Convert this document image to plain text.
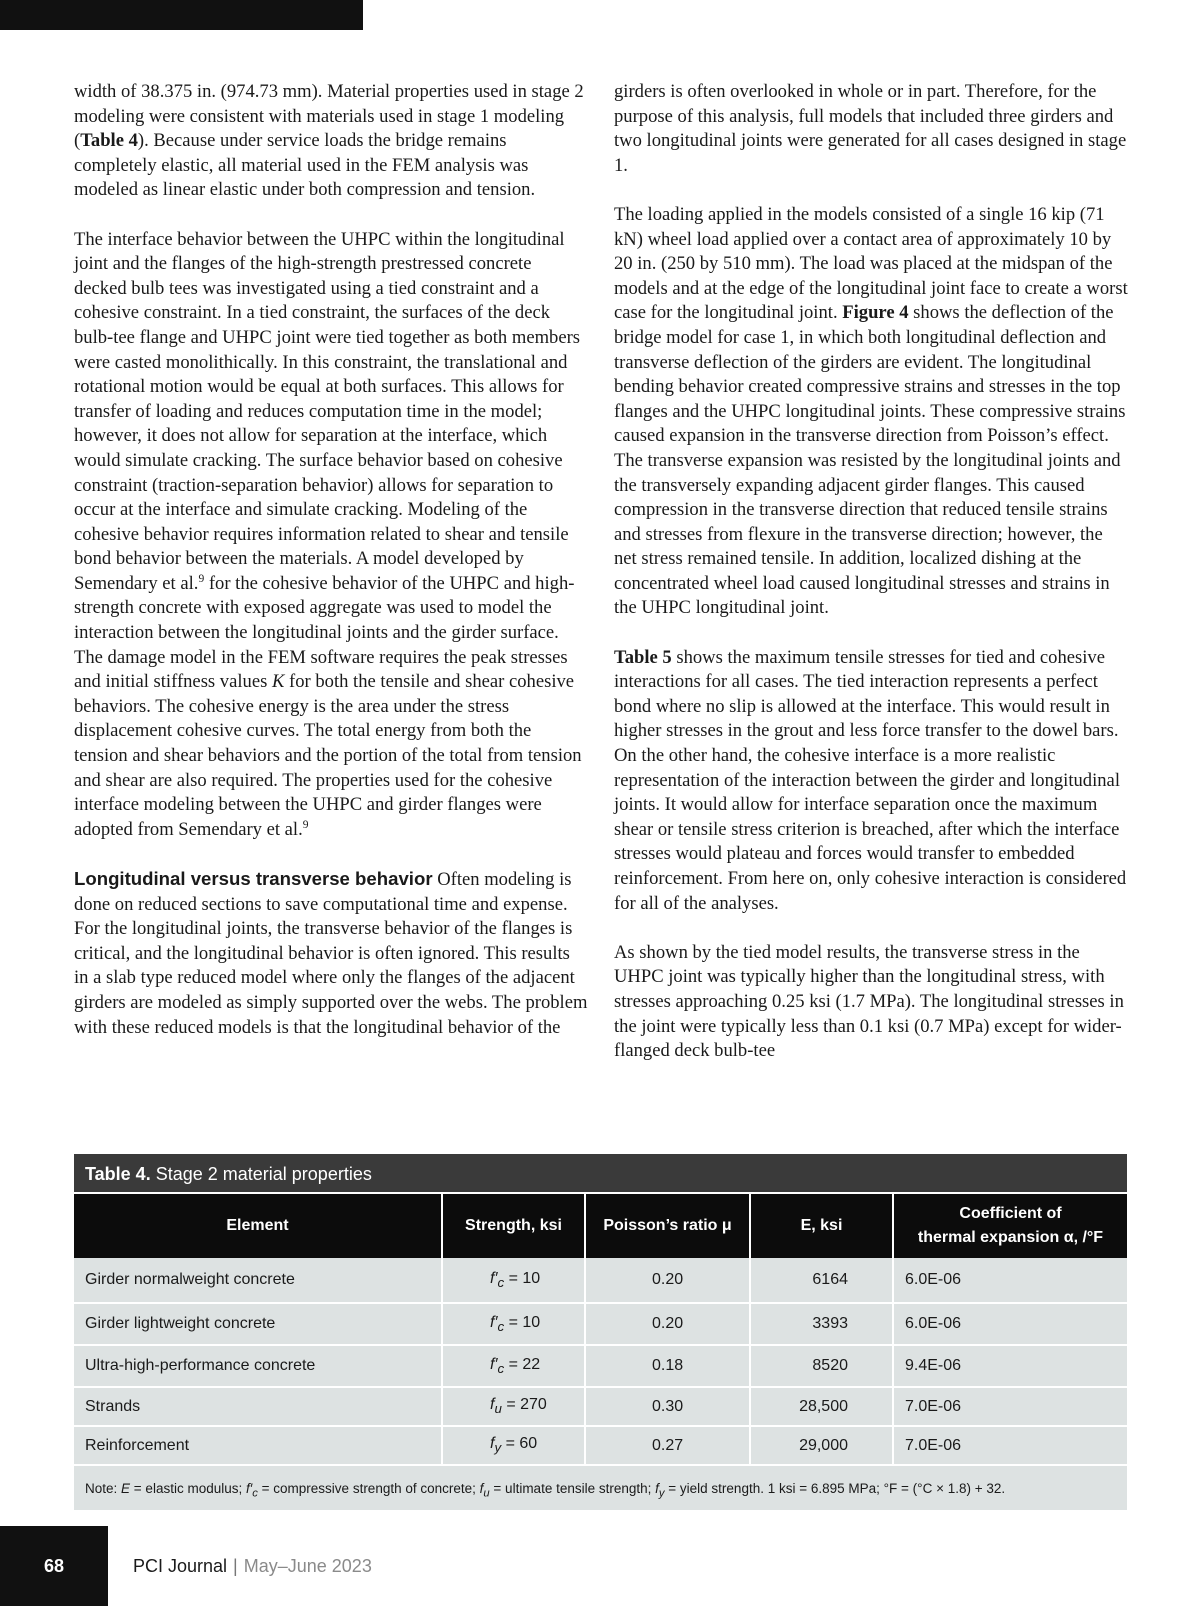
width of 38.375 in. (974.73 mm). Material properties used in stage 2 modeling were consistent with materials used in stage 1 modeling (Table 4). Because under service loads the bridge remains completely elastic, all material used in the FEM analysis was modeled as linear elastic under both compression and tension.

The interface behavior between the UHPC within the longitudinal joint and the flanges of the high-strength prestressed concrete decked bulb tees was investigated using a tied constraint and a cohesive constraint. In a tied constraint, the surfaces of the deck bulb-tee flange and UHPC joint were tied together as both members were casted monolithically. In this constraint, the translational and rotational motion would be equal at both surfaces. This allows for transfer of loading and reduces computation time in the model; however, it does not allow for separation at the interface, which would simulate cracking. The surface behavior based on cohesive constraint (traction-separation behavior) allows for separation to occur at the interface and simulate cracking. Modeling of the cohesive behavior requires information related to shear and tensile bond behavior between the materials. A model developed by Semendary et al.$^9$ for the cohesive behavior of the UHPC and high-strength concrete with exposed aggregate was used to model the interaction between the longitudinal joints and the girder surface. The damage model in the FEM software requires the peak stresses and initial stiffness values K for both the tensile and shear cohesive behaviors. The cohesive energy is the area under the stress displacement cohesive curves. The total energy from both the tension and shear behaviors and the portion of the total from tension and shear are also required. The properties used for the cohesive interface modeling between the UHPC and girder flanges were adopted from Semendary et al.$^9$

Longitudinal versus transverse behavior Often modeling is done on reduced sections to save computational time and expense. For the longitudinal joints, the transverse behavior of the flanges is critical, and the longitudinal behavior is often ignored. This results in a slab type reduced model where only the flanges of the adjacent girders are modeled as simply supported over the webs. The problem with these reduced models is that the longitudinal behavior of the

girders is often overlooked in whole or in part. Therefore, for the purpose of this analysis, full models that included three girders and two longitudinal joints were generated for all cases designed in stage 1.

The loading applied in the models consisted of a single 16 kip (71 kN) wheel load applied over a contact area of approximately 10 by 20 in. (250 by 510 mm). The load was placed at the midspan of the models and at the edge of the longitudinal joint face to create a worst case for the longitudinal joint. Figure 4 shows the deflection of the bridge model for case 1, in which both longitudinal deflection and transverse deflection of the girders are evident. The longitudinal bending behavior created compressive strains and stresses in the top flanges and the UHPC longitudinal joints. These compressive strains caused expansion in the transverse direction from Poisson’s effect. The transverse expansion was resisted by the longitudinal joints and the transversely expanding adjacent girder flanges. This caused compression in the transverse direction that reduced tensile strains and stresses from flexure in the transverse direction; however, the net stress remained tensile. In addition, localized dishing at the concentrated wheel load caused longitudinal stresses and strains in the UHPC longitudinal joint.

Table 5 shows the maximum tensile stresses for tied and cohesive interactions for all cases. The tied interaction represents a perfect bond where no slip is allowed at the interface. This would result in higher stresses in the grout and less force transfer to the dowel bars. On the other hand, the cohesive interface is a more realistic representation of the interaction between the girder and longitudinal joints. It would allow for interface separation once the maximum shear or tensile stress criterion is breached, after which the interface stresses would plateau and forces would transfer to embedded reinforcement. From here on, only cohesive interaction is considered for all of the analyses.

As shown by the tied model results, the transverse stress in the UHPC joint was typically higher than the longitudinal stress, with stresses approaching 0.25 ksi (1.7 MPa). The longitudinal stresses in the joint were typically less than 0.1 ksi (0.7 MPa) except for wider-flanged deck bulb-tee

Table 4. Stage 2 material properties
Element	Strength, ksi	Poisson’s ratio μ	E, ksi	Coefficient of
thermal expansion α, /°F
Girder normalweight concrete	$f'_c = 10$	0.20	6164	6.0E-06
Girder lightweight concrete	$f'_c = 10$	0.20	3393	6.0E-06
Ultra-high-performance concrete	$f'_c = 22$	0.18	8520	9.4E-06
Strands	$f_u = 270$	0.30	28,500	7.0E-06
Reinforcement	$f_y = 60$	0.27	29,000	7.0E-06
Note: E = elastic modulus; $f'_c$ = compressive strength of concrete; $f_u$ = ultimate tensile strength; $f_y$ = yield strength. 1 ksi = 6.895 MPa; °F = (°C × 1.8) + 32.
68	PCI Journal | May–June 2023
